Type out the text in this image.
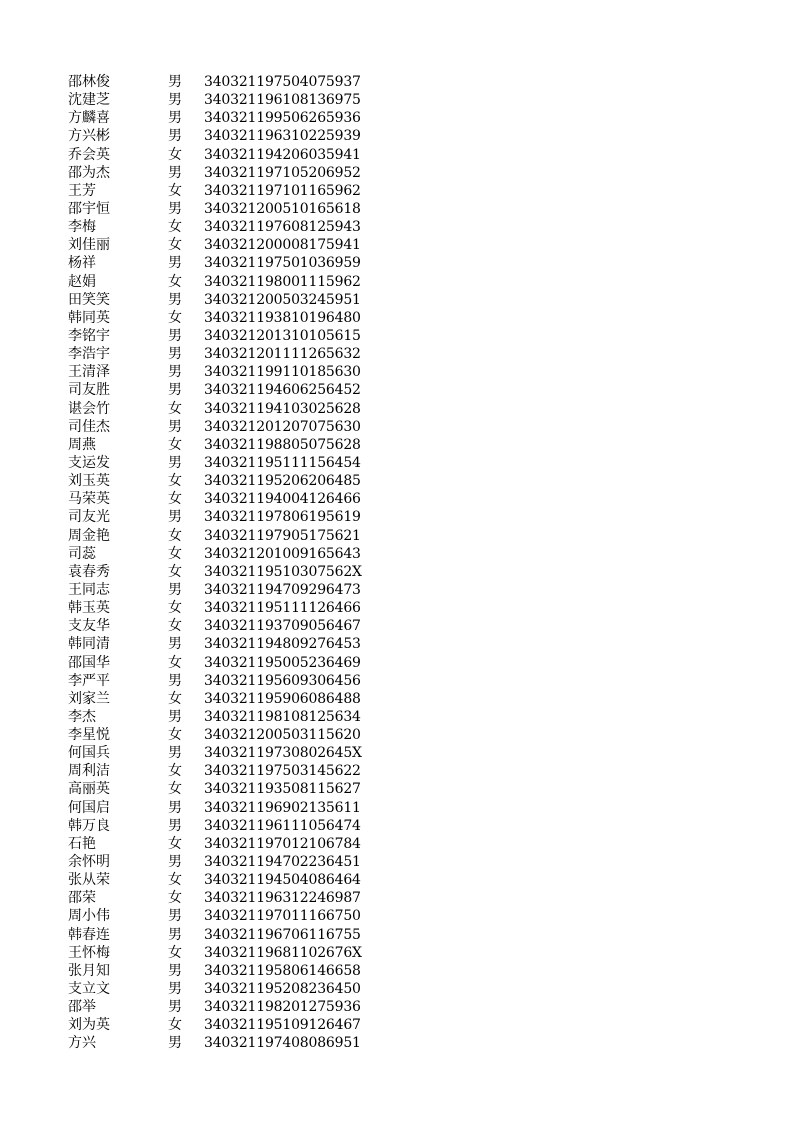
邵林俊	男 340321197504075937
沈建芝	男 340321196108136975
方麟喜	男 340321199506265936
方兴彬	男 340321196310225939
乔会英	女 340321194206035941
邵为杰	男 340321197105206952
王芳	女 340321197101165962
邵宇恒	男 340321200510165618
李梅	女 340321197608125943
刘佳丽	女 340321200008175941
杨祥	男 340321197501036959
赵娟	女 340321198001115962
田笑笑	男 340321200503245951
韩同英	女 340321193810196480
李铭宇	男 340321201310105615
李浩宇	男 340321201111265632
王清泽	男 340321199110185630
司友胜	男 340321194606256452
谌会竹	女 340321194103025628
司佳杰	男 340321201207075630
周燕	女 340321198805075628
支运发	男 340321195111156454
刘玉英	女 340321195206206485
马荣英	女 340321194004126466
司友光	男 340321197806195619
周金艳	女 340321197905175621
司蕊	女 340321201009165643
袁春秀	女 34032119510307562X
王同志	男 340321194709296473
韩玉英	女 340321195111126466
支友华	女 340321193709056467
韩同清	男 340321194809276453
邵国华	女 340321195005236469
李严平	男 340321195609306456
刘家兰	女 340321195906086488
李杰	男 340321198108125634
李星悦	女 340321200503115620
何国兵	男 34032119730802645X
周利洁	女 340321197503145622
高丽英	女 340321193508115627
何国启	男 340321196902135611
韩万良	男 340321196111056474
石艳	女 340321197012106784
余怀明	男 340321194702236451
张从荣	女 340321194504086464
邵荣	女 340321196312246987
周小伟	男 340321197011166750
韩春连	男 340321196706116755
王怀梅	女 34032119681102676X
张月知	男 340321195806146658
支立文	男 340321195208236450
邵举	男 340321198201275936
刘为英	女 340321195109126467
方兴	男 340321197408086951
